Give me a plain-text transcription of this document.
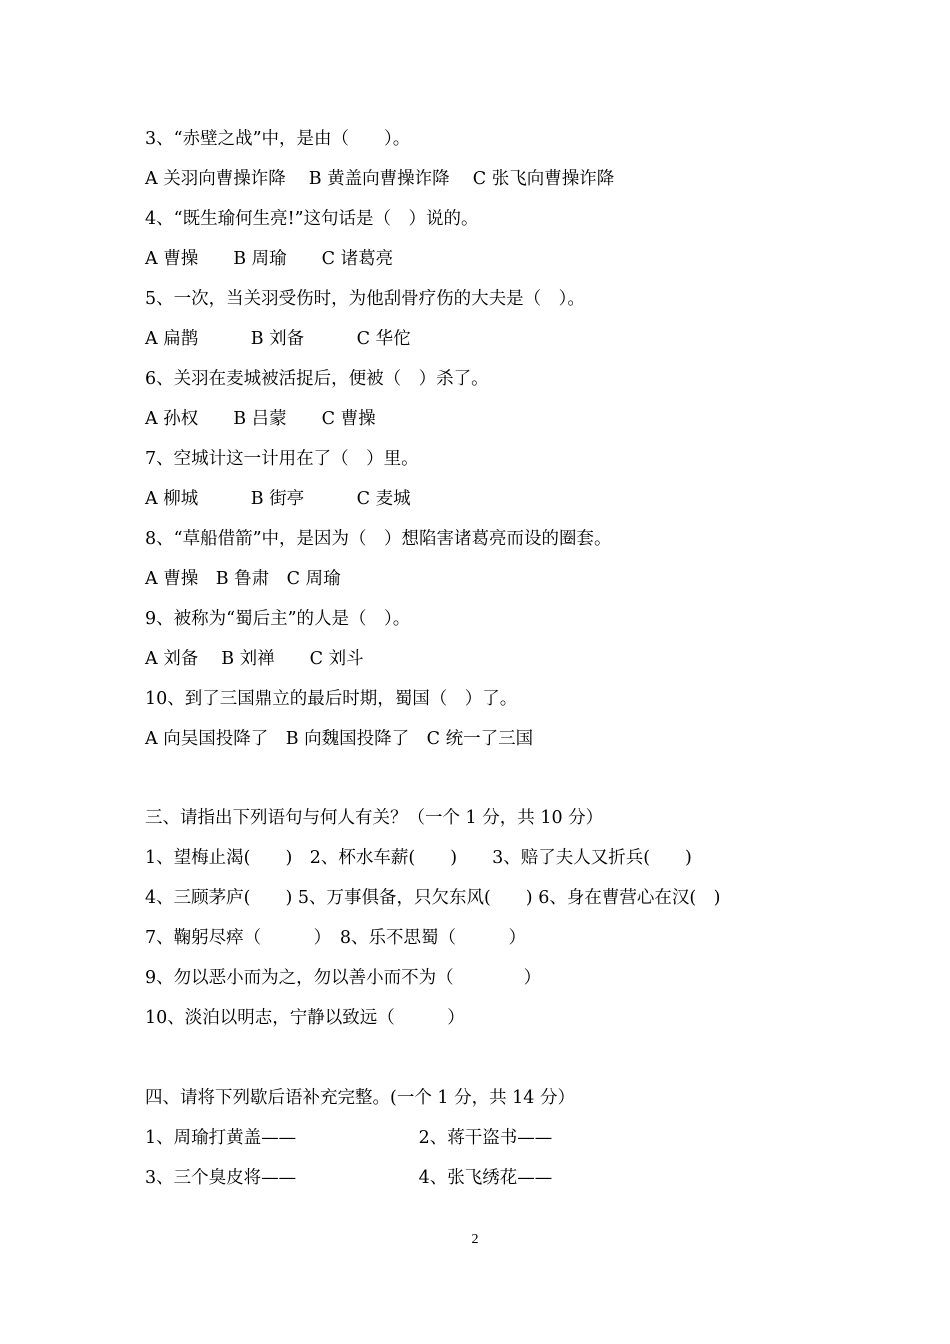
3、“赤壁之战”中，是由（　　）。
A 关羽向曹操诈降　 B 黄盖向曹操诈降　 C 张飞向曹操诈降
4、“既生瑜何生亮!”这句话是（　）说的。
A 曹操　　B 周瑜　　C 诸葛亮
5、一次，当关羽受伤时，为他刮骨疗伤的大夫是（　）。
A 扁鹊　　　B 刘备　　　C 华佗
6、关羽在麦城被活捉后，便被（　）杀了。
A 孙权　　B 吕蒙　　C 曹操
7、空城计这一计用在了（　）里。
A 柳城　　　B 街亭　　　C 麦城
8、“草船借箭”中，是因为（　）想陷害诸葛亮而设的圈套。
A 曹操　B 鲁肃　C 周瑜
9、被称为“蜀后主”的人是（　）。
A 刘备　 B 刘禅　　C 刘斗
10、到了三国鼎立的最后时期，蜀国（　）了。
A 向吴国投降了　B 向魏国投降了　C 统一了三国
三、请指出下列语句与何人有关？（一个 1 分，共 10 分）
1、望梅止渴(　　)　2、杯水车薪(　　)　　3、赔了夫人又折兵(　　)
4、三顾茅庐(　　) 5、万事俱备，只欠东风(　　) 6、身在曹营心在汉(　)
7、鞠躬尽瘁（　　　）　8、乐不思蜀（　　　）
9、勿以恶小而为之，勿以善小而不为（　　　　）
10、淡泊以明志，宁静以致远（　　　）
四、请将下列歇后语补充完整。(一个 1 分，共 14 分）
1、周瑜打黄盖——　　　　　　　2、蒋干盗书——
3、三个臭皮将——　　　　　　　4、张飞绣花——
2
